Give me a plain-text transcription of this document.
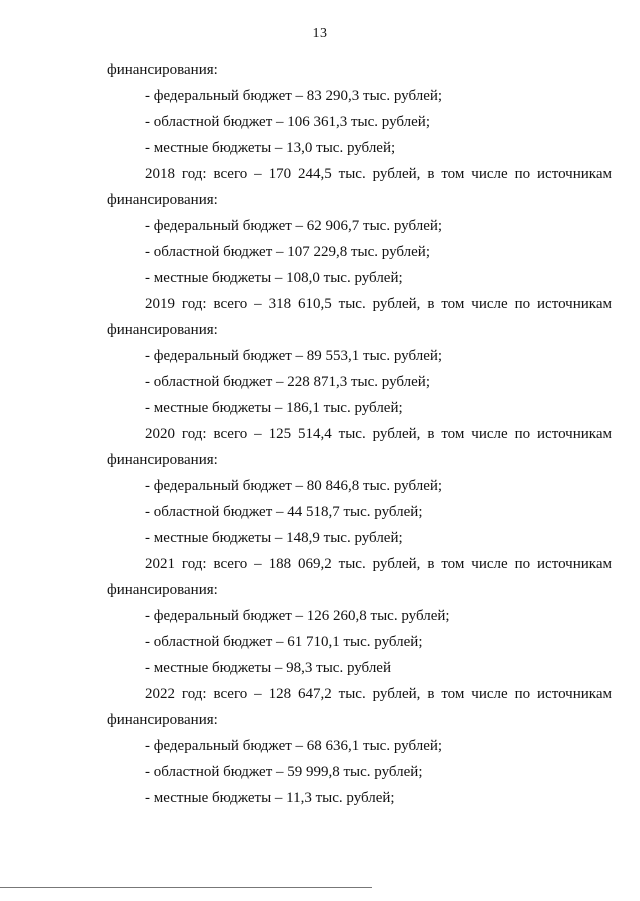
13
финансирования:
- федеральный бюджет – 83 290,3 тыс. рублей;
- областной бюджет – 106 361,3 тыс. рублей;
- местные бюджеты – 13,0 тыс. рублей;
2018 год: всего – 170 244,5 тыс. рублей, в том числе по источникам
финансирования:
- федеральный бюджет – 62 906,7 тыс. рублей;
- областной бюджет – 107 229,8 тыс. рублей;
- местные бюджеты – 108,0 тыс. рублей;
2019 год: всего – 318 610,5 тыс. рублей, в том числе по источникам
финансирования:
- федеральный бюджет – 89 553,1 тыс. рублей;
- областной бюджет – 228 871,3 тыс. рублей;
- местные бюджеты – 186,1 тыс. рублей;
2020 год: всего – 125 514,4 тыс. рублей, в том числе по источникам
финансирования:
- федеральный бюджет – 80 846,8 тыс. рублей;
- областной бюджет – 44 518,7 тыс. рублей;
- местные бюджеты – 148,9 тыс. рублей;
2021 год: всего – 188 069,2 тыс. рублей, в том числе по источникам
финансирования:
- федеральный бюджет – 126 260,8 тыс. рублей;
- областной бюджет – 61 710,1 тыс. рублей;
- местные бюджеты – 98,3 тыс. рублей
2022 год: всего – 128 647,2 тыс. рублей, в том числе по источникам
финансирования:
- федеральный бюджет – 68 636,1 тыс. рублей;
- областной бюджет – 59 999,8 тыс. рублей;
- местные бюджеты – 11,3 тыс. рублей;
